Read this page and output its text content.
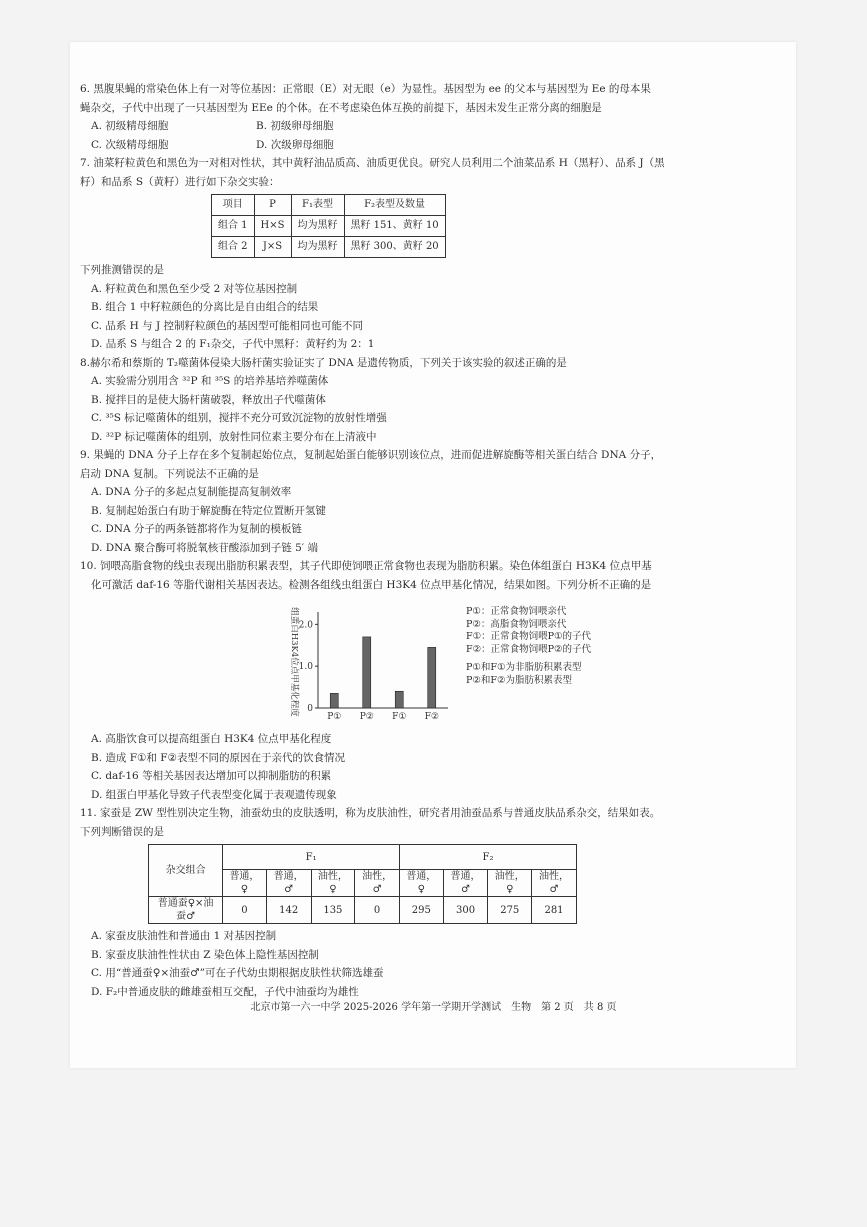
6. 黑腹果蝇的常染色体上有一对等位基因：正常眼（E）对无眼（e）为显性。基因型为 ee 的父本与基因型为 Ee 的母本果

蝇杂交，子代中出现了一只基因型为 EEe 的个体。在不考虑染色体互换的前提下，基因未发生正常分离的细胞是

A. 初级精母细胞	B. 初级卵母细胞
C. 次级精母细胞	D. 次级卵母细胞

7. 油菜籽粒黄色和黑色为一对相对性状，其中黄籽油品质高、油质更优良。研究人员利用二个油菜品系 H（黑籽）、品系 J（黑

籽）和品系 S（黄籽）进行如下杂交实验：

项目	P	F₁表型	F₂表型及数量
组合 1	H×S	均为黑籽	黑籽 151、黄籽 10
组合 2	J×S	均为黑籽	黑籽 300、黄籽 20

下列推测错误的是

A. 籽粒黄色和黑色至少受 2 对等位基因控制

B. 组合 1 中籽粒颜色的分离比是自由组合的结果

C. 品系 H 与 J 控制籽粒颜色的基因型可能相同也可能不同

D. 品系 S 与组合 2 的 F₁杂交，子代中黑籽：黄籽约为 2：1

8.赫尔希和蔡斯的 T₂噬菌体侵染大肠杆菌实验证实了 DNA 是遗传物质，下列关于该实验的叙述正确的是

A. 实验需分别用含 ³²P 和 ³⁵S 的培养基培养噬菌体

B. 搅拌目的是使大肠杆菌破裂，释放出子代噬菌体

C. ³⁵S 标记噬菌体的组别，搅拌不充分可致沉淀物的放射性增强

D. ³²P 标记噬菌体的组别，放射性同位素主要分布在上清液中

9. 果蝇的 DNA 分子上存在多个复制起始位点，复制起始蛋白能够识别该位点，进而促进解旋酶等相关蛋白结合 DNA 分子，

启动 DNA 复制。下列说法不正确的是

A. DNA 分子的多起点复制能提高复制效率

B. 复制起始蛋白有助于解旋酶在特定位置断开氢键

C. DNA 分子的两条链都将作为复制的模板链

D. DNA 聚合酶可将脱氧核苷酸添加到子链 5′ 端

10. 饲喂高脂食物的线虫表现出脂肪积累表型，其子代即使饲喂正常食物也表现为脂肪积累。染色体组蛋白 H3K4 位点甲基

化可激活 daf-16 等脂代谢相关基因表达。检测各组线虫组蛋白 H3K4 位点甲基化情况，结果如图。下列分析不正确的是

0
1.0
2.0
组蛋白H3K4位点甲基化程度
P① P② F① F②
P①：正常食物饲喂亲代
P②：高脂食物饲喂亲代
F①：正常食物饲喂P①的子代
F②：正常食物饲喂P②的子代
P①和F①为非脂肪积累表型
P②和F②为脂肪积累表型

A. 高脂饮食可以提高组蛋白 H3K4 位点甲基化程度

B. 造成 F①和 F②表型不同的原因在于亲代的饮食情况

C. daf-16 等相关基因表达增加可以抑制脂肪的积累

D. 组蛋白甲基化导致子代表型变化属于表观遗传现象

11. 家蚕是 ZW 型性别决定生物，油蚕幼虫的皮肤透明，称为皮肤油性，研究者用油蚕品系与普通皮肤品系杂交，结果如表。

下列判断错误的是

杂交组合	F₁				F₂			
	普通，♀	普通，♂	油性，♀	油性，♂	普通，♀	普通，♂	油性，♀	油性，♂
普通蚕♀×油蚕♂	0	142	135	0	295	300	275	281

A. 家蚕皮肤油性和普通由 1 对基因控制

B. 家蚕皮肤油性性状由 Z 染色体上隐性基因控制

C. 用“普通蚕♀×油蚕♂”可在子代幼虫期根据皮肤性状筛选雄蚕

D. F₂中普通皮肤的雌雄蚕相互交配，子代中油蚕均为雄性

北京市第一六一中学 2025-2026 学年第一学期开学测试　生物　第 2 页　共 8 页
